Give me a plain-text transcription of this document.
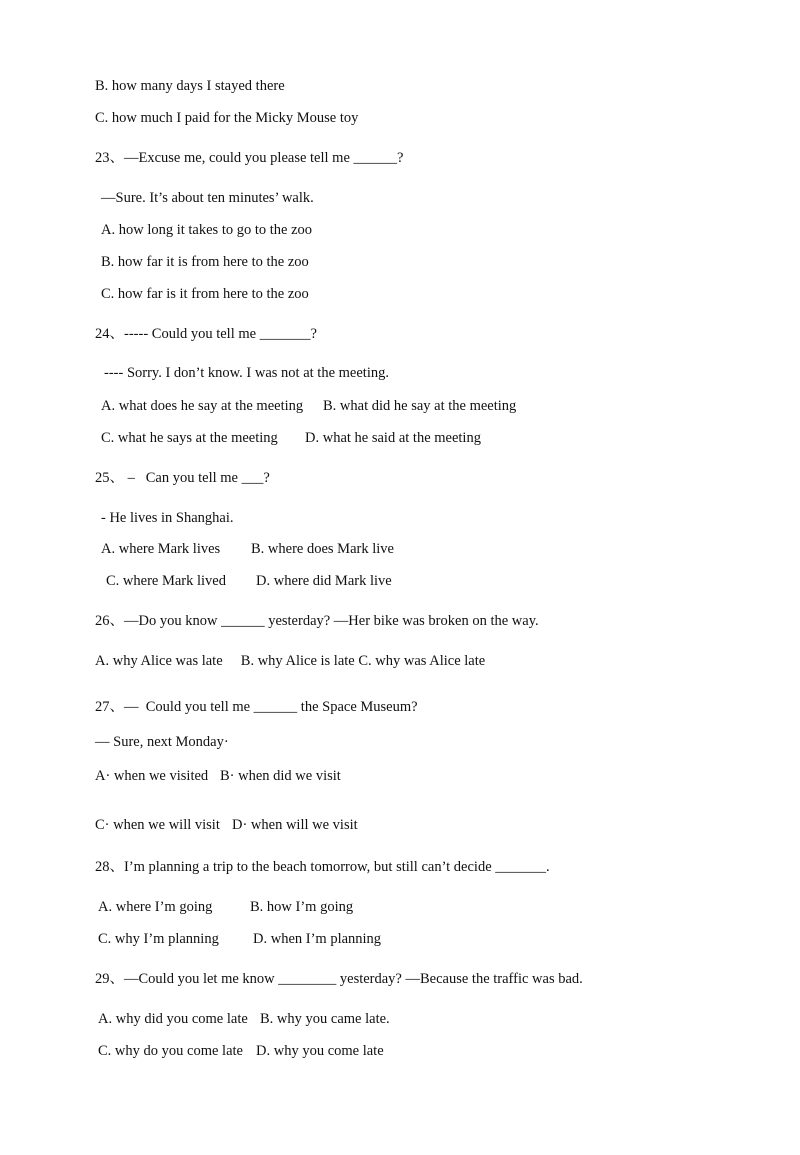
B. how many days I stayed there
C. how much I paid for the Micky Mouse toy
23、—Excuse me, could you please tell me ______?
—Sure. It’s about ten minutes’ walk.
A. how long it takes to go to the zoo
B. how far it is from here to the zoo
C. how far is it from here to the zoo
24、----- Could you tell me _______?
---- Sorry. I don’t know. I was not at the meeting.
A. what does he say at the meeting B. what did he say at the meeting
C. what he says at the meeting D. what he said at the meeting
25、 –   Can you tell me ___?
- He lives in Shanghai.
A. where Mark lives B. where does Mark live
C. where Mark lived D. where did Mark live
26、—Do you know ______ yesterday? —Her bike was broken on the way.
A. why Alice was late     B. why Alice is late C. why was Alice late
27、—  Could you tell me ______ the Space Museum?
— Sure, next Monday·
A· when we visited B· when did we visit
C· when we will visit D· when will we visit
28、I’m planning a trip to the beach tomorrow, but still can’t decide _______.
A. where I’m going	B. how I’m going
C. why I’m planning D. when I’m planning
29、—Could you let me know ________ yesterday? —Because the traffic was bad.
A. why did you come late B. why you came late.
C. why do you come late D. why you come late
